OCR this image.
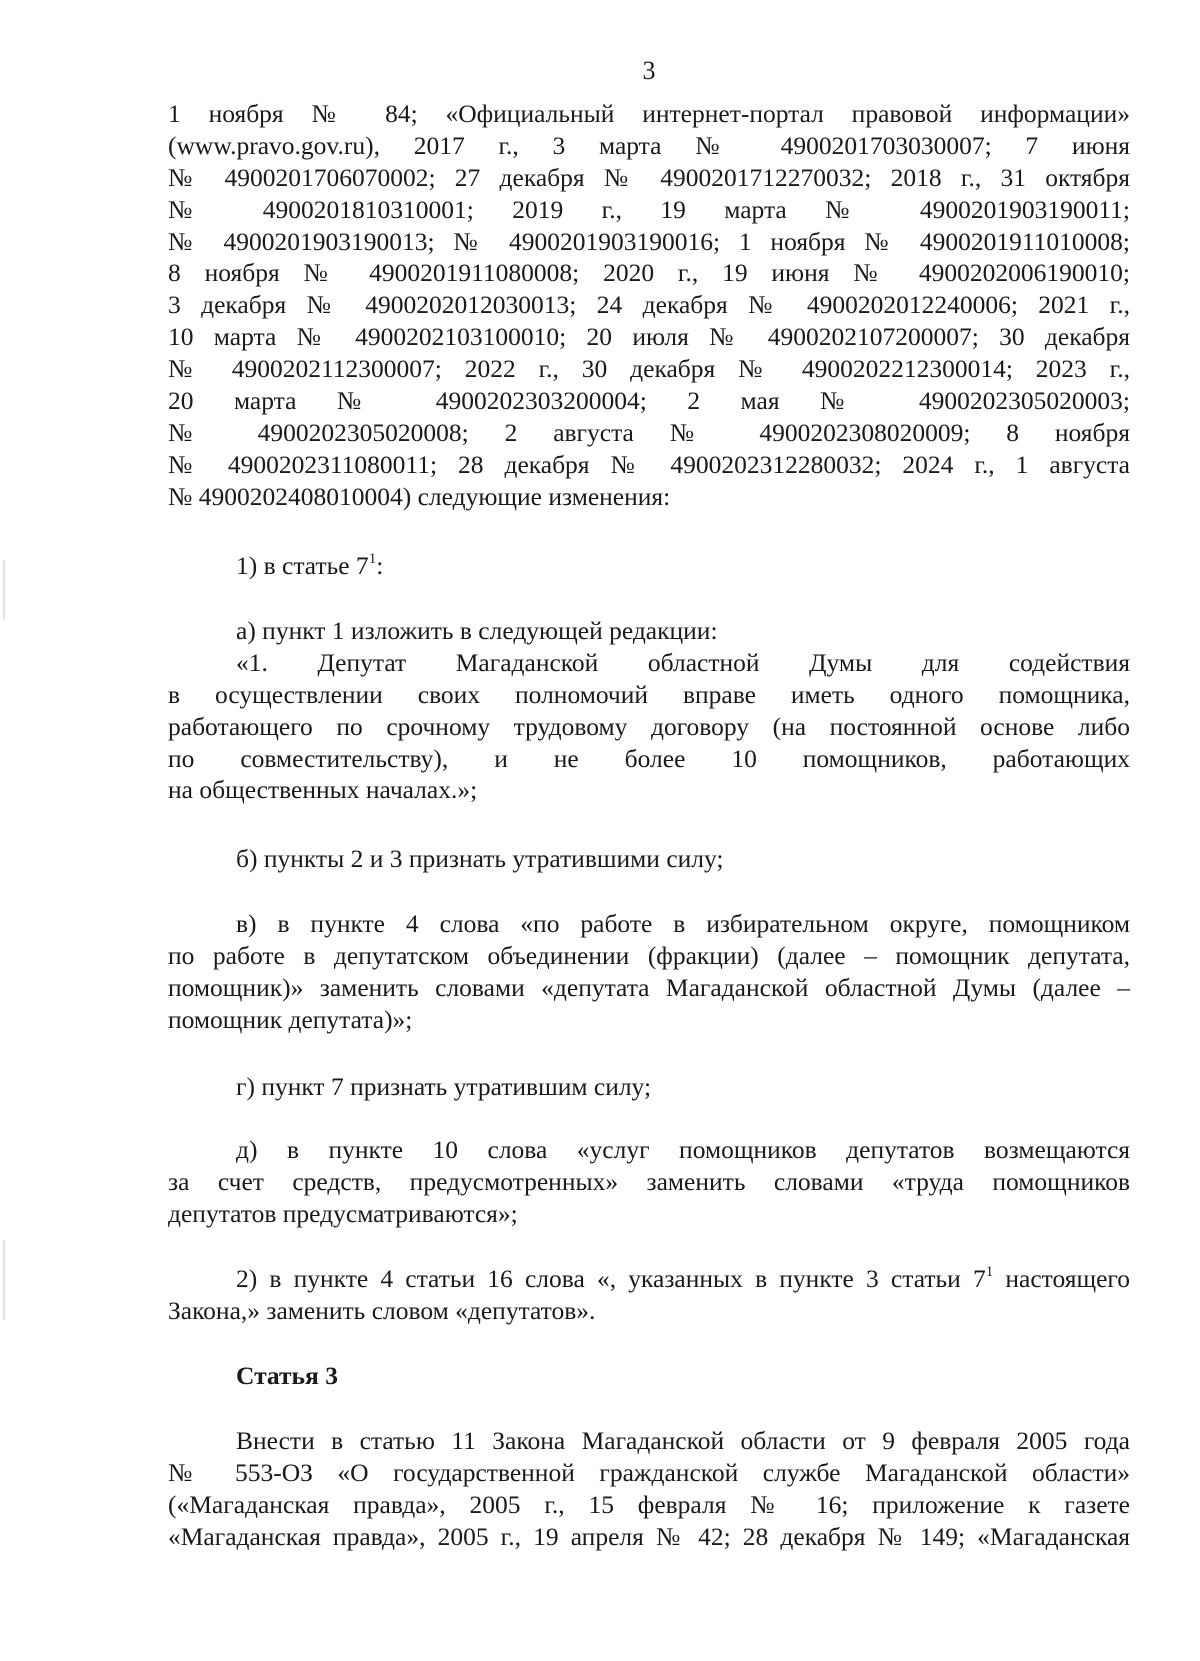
3
1 ноября № 84; «Официальный интернет-портал правовой информации»
(www.pravo.gov.ru), 2017 г., 3 марта № 4900201703030007; 7 июня
№ 4900201706070002; 27 декабря № 4900201712270032; 2018 г., 31 октября
№ 4900201810310001; 2019 г., 19 марта № 4900201903190011;
№ 4900201903190013; № 4900201903190016; 1 ноября № 4900201911010008;
8 ноября № 4900201911080008; 2020 г., 19 июня № 4900202006190010;
3 декабря № 4900202012030013; 24 декабря № 4900202012240006; 2021 г.,
10 марта № 4900202103100010; 20 июля № 4900202107200007; 30 декабря
№ 4900202112300007; 2022 г., 30 декабря № 4900202212300014; 2023 г.,
20 марта № 4900202303200004; 2 мая № 4900202305020003;
№ 4900202305020008; 2 августа № 4900202308020009; 8 ноября
№ 4900202311080011; 28 декабря № 4900202312280032; 2024 г., 1 августа
№ 4900202408010004) следующие изменения:
1) в статье $7^1$:
а) пункт 1 изложить в следующей редакции:
«1. Депутат Магаданской областной Думы для содействия
в осуществлении своих полномочий вправе иметь одного помощника,
работающего по срочному трудовому договору (на постоянной основе либо
по совместительству), и не более 10 помощников, работающих
на общественных началах.»;
б) пункты 2 и 3 признать утратившими силу;
в) в пункте 4 слова «по работе в избирательном округе, помощником
по работе в депутатском объединении (фракции) (далее – помощник депутата,
помощник)» заменить словами «депутата Магаданской областной Думы (далее –
помощник депутата)»;
г) пункт 7 признать утратившим силу;
д) в пункте 10 слова «услуг помощников депутатов возмещаются
за счет средств, предусмотренных» заменить словами «труда помощников
депутатов предусматриваются»;
2) в пункте 4 статьи 16 слова «, указанных в пункте 3 статьи $7^1$ настоящего
Закона,» заменить словом «депутатов».
Статья 3
Внести в статью 11 Закона Магаданской области от 9 февраля 2005 года
№ 553-ОЗ «О государственной гражданской службе Магаданской области»
(«Магаданская правда», 2005 г., 15 февраля № 16; приложение к газете
«Магаданская правда», 2005 г., 19 апреля № 42; 28 декабря № 149; «Магаданская
